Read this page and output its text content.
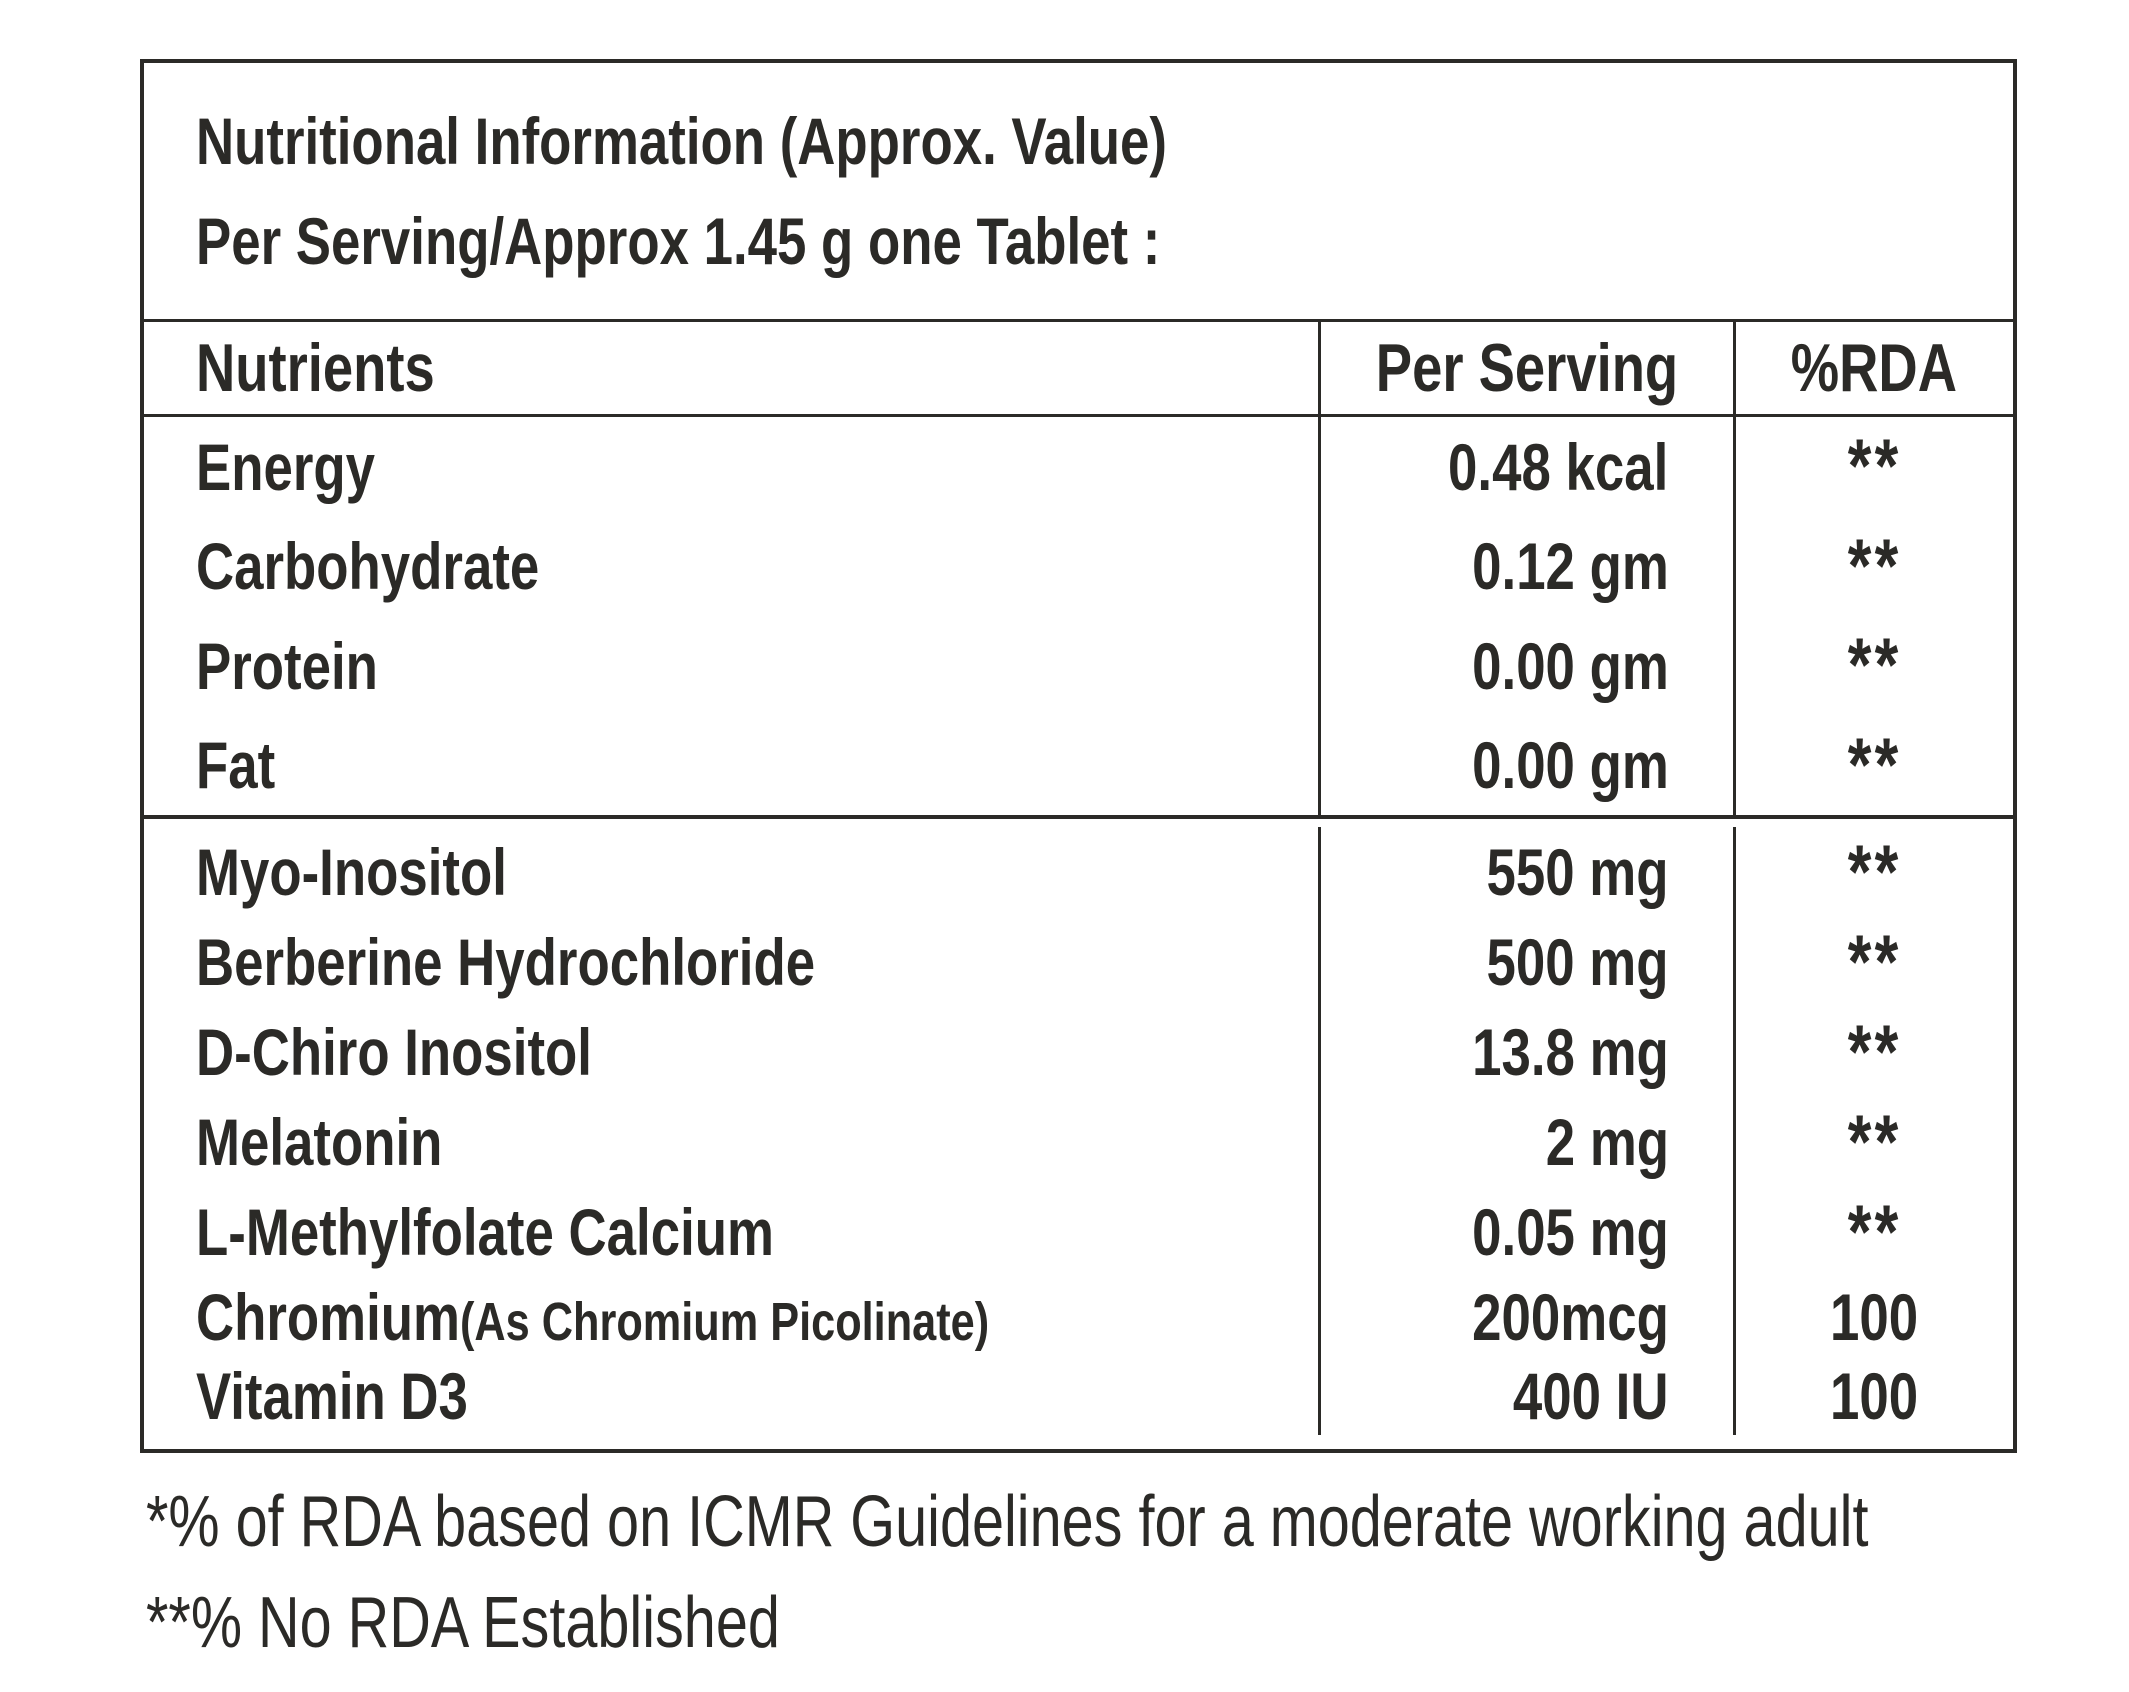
Nutritional Information (Approx. Value)
Per Serving/Approx 1.45 g one Tablet :
Nutrients	Per Serving %RDA
Energy	0.48 kcal **
Carbohydrate	0.12 gm **
Protein	0.00 gm **
Fat	0.00 gm **
Myo-Inositol	550 mg **
Berberine Hydrochloride	500 mg **
D-Chiro Inositol	13.8 mg **
Melatonin	2 mg **
L-Methylfolate Calcium	0.05 mg **
Chromium(As Chromium Picolinate)	200mcg 100
Vitamin D3	400 IU 100
*% of RDA based on ICMR Guidelines for a moderate working adult
**% No RDA Established
